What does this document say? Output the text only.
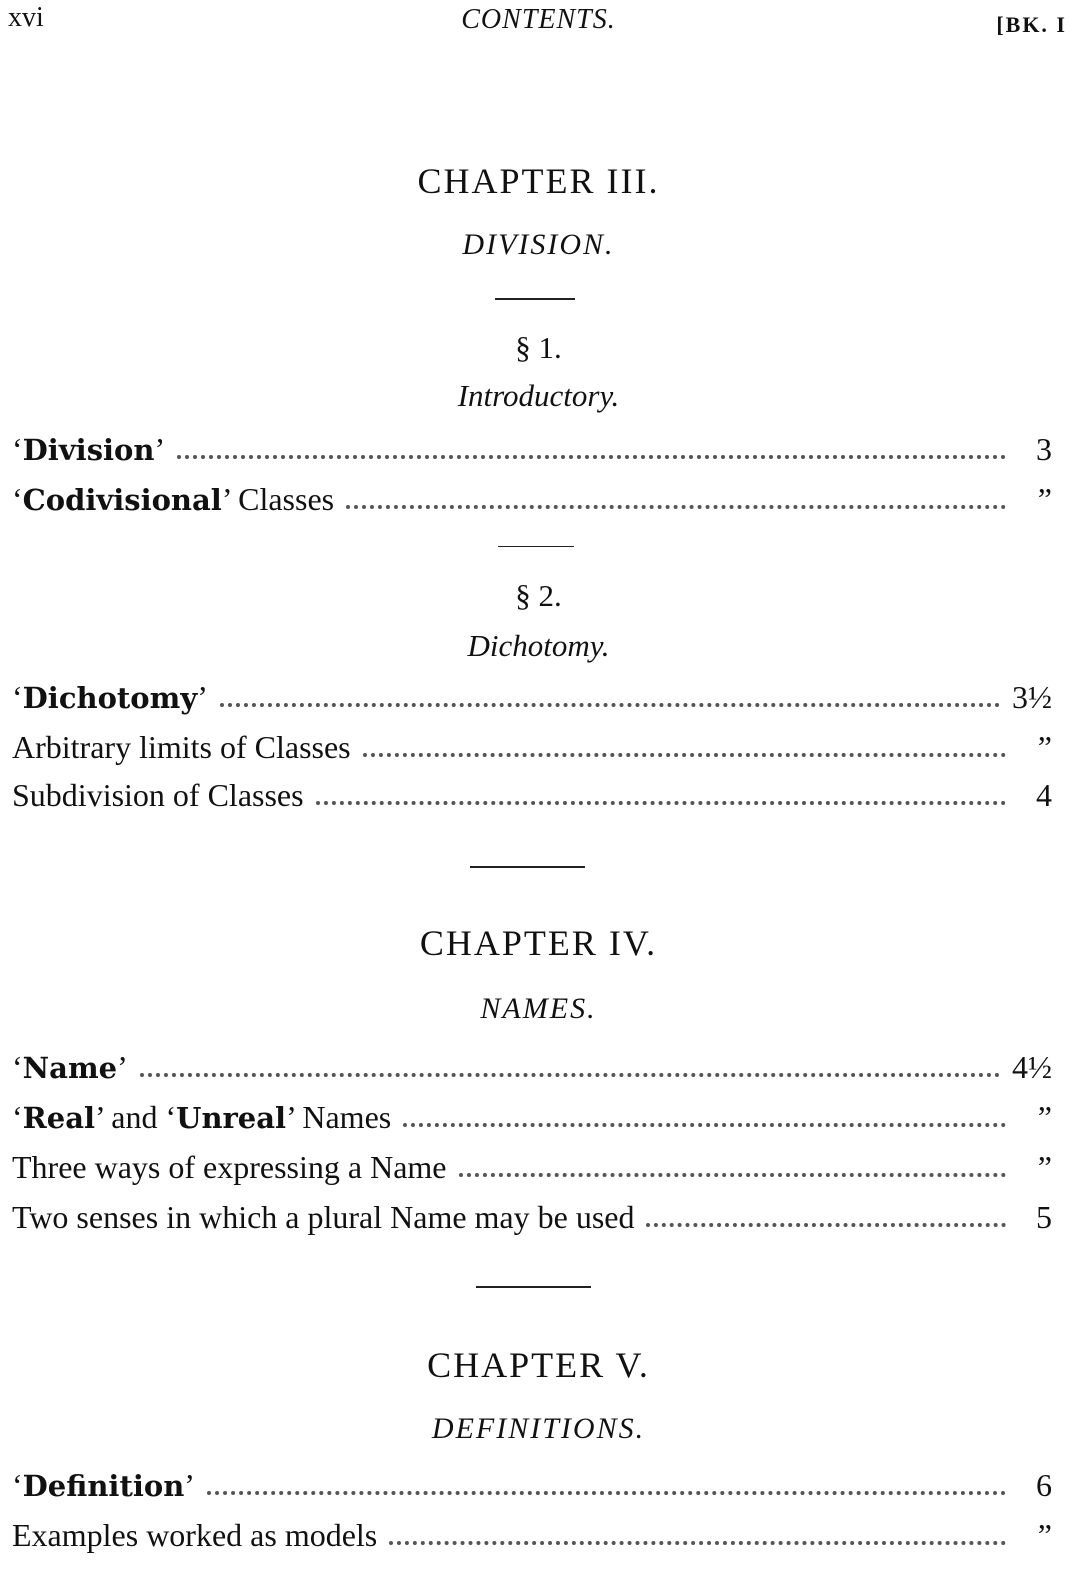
xvi	CONTENTS.	[BK. I
CHAPTER III.
DIVISION.
§ 1.
Introductory.
‘Division’	3
‘Codivisional’ Classes	”
§ 2.
Dichotomy.
‘Dichotomy’	3½
Arbitrary limits of Classes	”
Subdivision of Classes	4
CHAPTER IV.
NAMES.
‘Name’	4½
‘Real’ and ‘Unreal’ Names	”
Three ways of expressing a Name	”
Two senses in which a plural Name may be used	5
CHAPTER V.
DEFINITIONS.
‘Definition’	6
Examples worked as models	”
